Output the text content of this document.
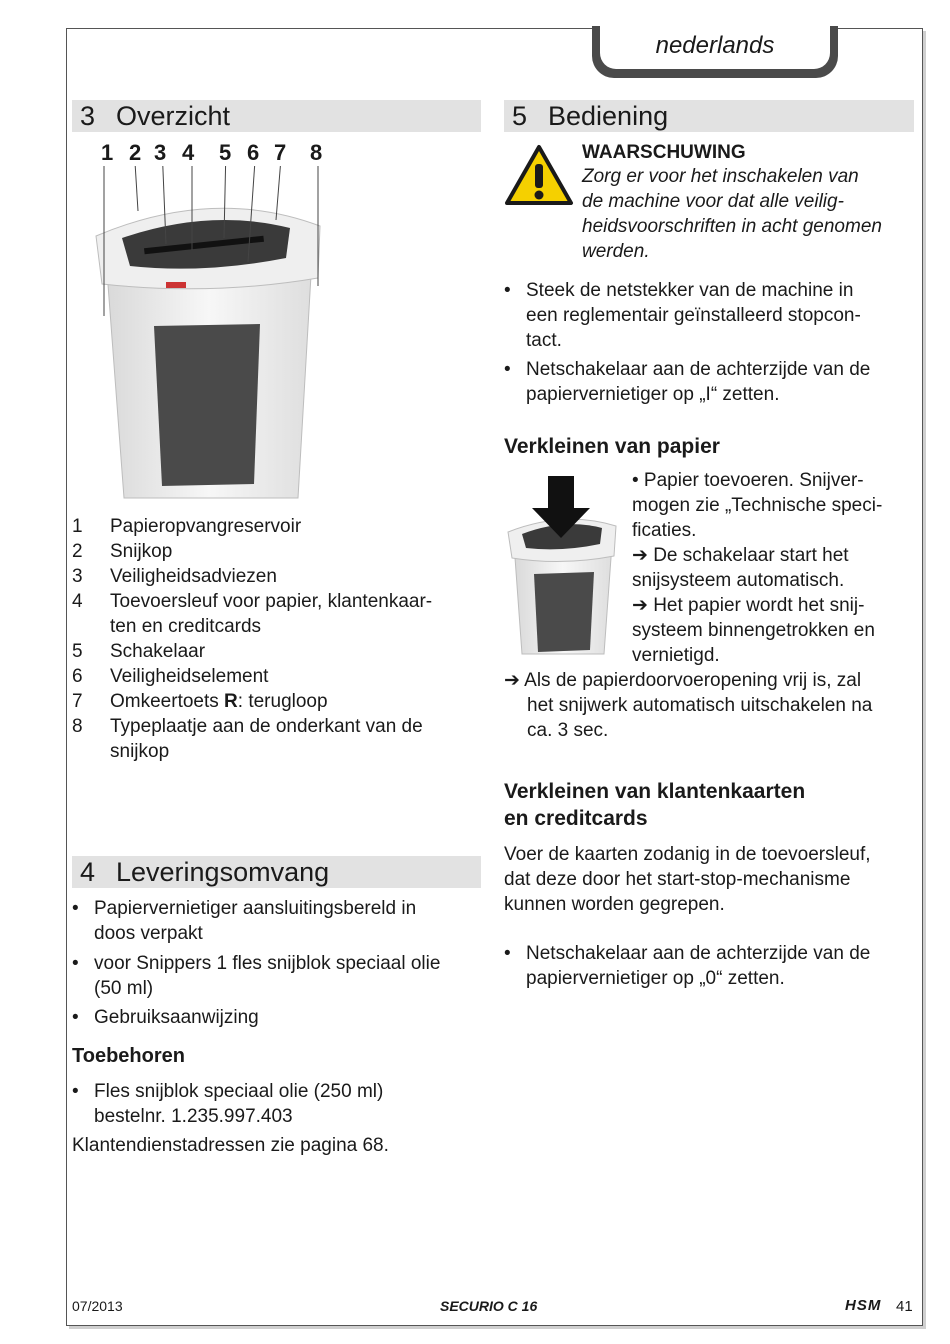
nederlands
3 Overzicht
1 2 3 4 5 6 7 8
1 Papieropvangreservoir
2 Snijkop
3 Veiligheidsadviezen
4 Toevoersleuf voor papier, klantenkaar-
ten en creditcards
5 Schakelaar
6 Veiligheidselement
7 Omkeertoets R: terugloop
8 Typeplaatje aan de onderkant van de
snijkop
4 Leveringsomvang
• Papiervernietiger aansluitingsbereld in
doos verpakt
• voor Snippers 1 fles snijblok speciaal olie
(50 ml)
• Gebruiksaanwijzing
Toebehoren
• Fles snijblok speciaal olie (250 ml)
bestelnr. 1.235.997.403
Klantendienstadressen zie pagina 68.
5 Bediening
WAARSCHUWING
Zorg er voor het inschakelen van
de machine voor dat alle veilig-
heidsvoorschriften in acht genomen
werden.
• Steek de netstekker van de machine in
een reglementair geïnstalleerd stopcon-
tact.
• Netschakelaar aan de achterzijde van de
papiervernietiger op „I“ zetten.
Verkleinen van papier
• Papier toevoeren. Snijver-
mogen zie „Technische speci-
ficaties.
➔ De schakelaar start het
snijsysteem automatisch.
➔ Het papier wordt het snij-
systeem binnengetrokken en
vernietigd.
➔ Als de papierdoorvoeropening vrij is, zal
het snijwerk automatisch uitschakelen na
ca. 3 sec.
Verkleinen van klantenkaarten
en creditcards
Voer de kaarten zodanig in de toevoersleuf,
dat deze door het start-stop-mechanisme
kunnen worden gegrepen.
• Netschakelaar aan de achterzijde van de
papiervernietiger op „0“ zetten.
07/2013	SECURIO C 16	HSM 41
